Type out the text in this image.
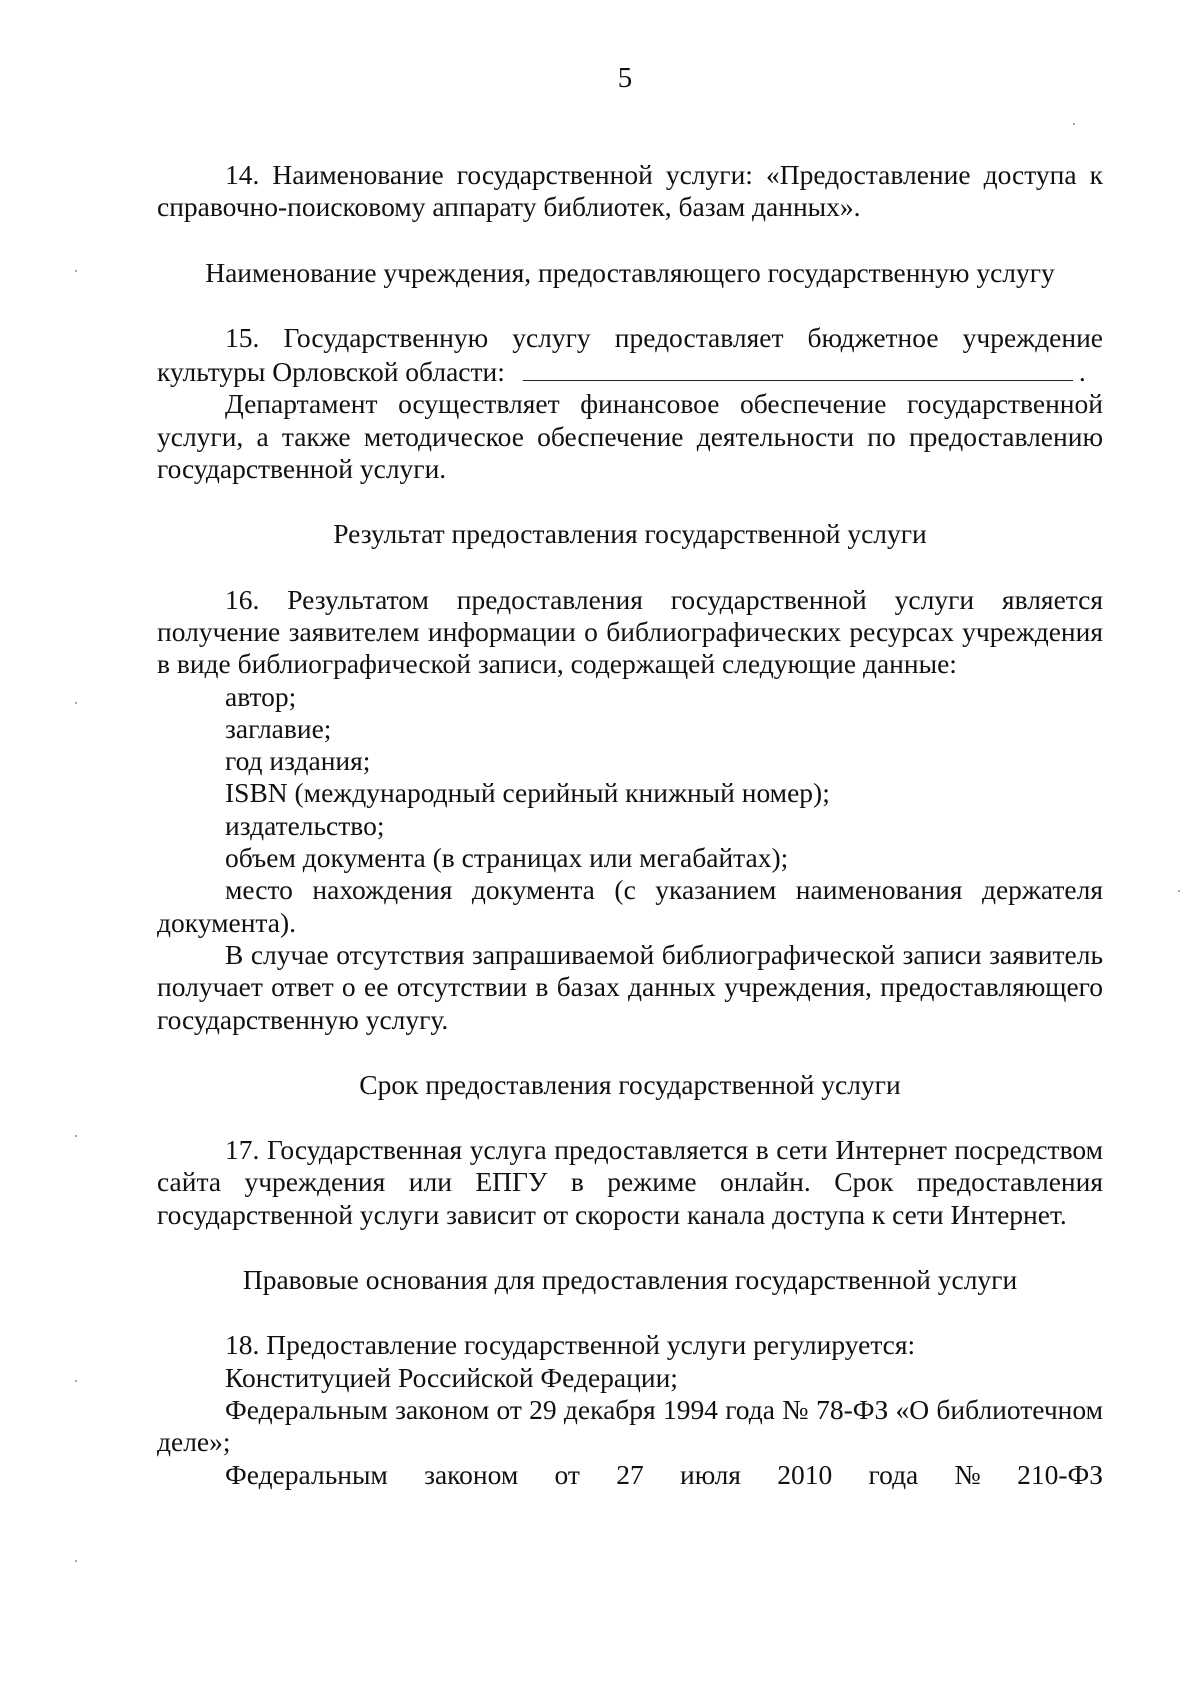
5

14. Наименование государственной услуги: «Предоставление доступа к справочно-поисковому аппарату библиотек, базам данных».

Наименование учреждения, предоставляющего государственную услугу

15. Государственную услугу предоставляет бюджетное учреждение культуры Орловской области:	.

Департамент осуществляет финансовое обеспечение государственной услуги, а также методическое обеспечение деятельности по предоставлению государственной услуги.

Результат предоставления государственной услуги

16. Результатом предоставления государственной услуги является получение заявителем информации о библиографических ресурсах учреждения в виде библиографической записи, содержащей следующие данные:

автор;

заглавие;

год издания;

ISBN (международный серийный книжный номер);

издательство;

объем документа (в страницах или мегабайтах);

место нахождения документа (с указанием наименования держателя документа).

В случае отсутствия запрашиваемой библиографической записи заявитель получает ответ о ее отсутствии в базах данных учреждения, предоставляющего государственную услугу.

Срок предоставления государственной услуги

17. Государственная услуга предоставляется в сети Интернет посредством сайта учреждения или ЕПГУ в режиме онлайн. Срок предоставления государственной услуги зависит от скорости канала доступа к сети Интернет.

Правовые основания для предоставления государственной услуги

18. Предоставление государственной услуги регулируется:

Конституцией Российской Федерации;

Федеральным законом от 29 декабря 1994 года № 78-ФЗ «О библиотечном деле»;

Федеральным законом от 27 июля 2010 года № 210-ФЗ
